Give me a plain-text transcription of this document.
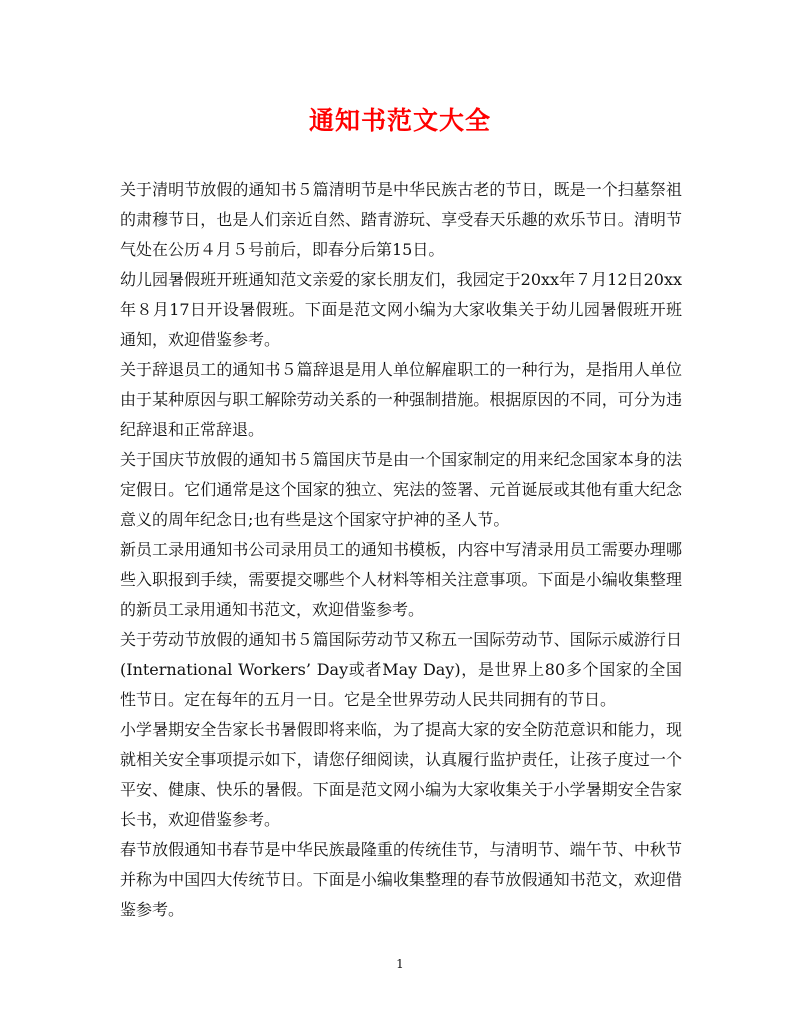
通知书范文大全

关于清明节放假的通知书５篇清明节是中华民族古老的节日，既是一个扫墓祭祖的肃穆节日，也是人们亲近自然、踏青游玩、享受春天乐趣的欢乐节日。清明节气处在公历４月５号前后，即春分后第15日。

幼儿园暑假班开班通知范文亲爱的家长朋友们，我园定于20xx年７月12日20xx年８月17日开设暑假班。下面是范文网小编为大家收集关于幼儿园暑假班开班通知，欢迎借鉴参考。

关于辞退员工的通知书５篇辞退是用人单位解雇职工的一种行为，是指用人单位由于某种原因与职工解除劳动关系的一种强制措施。根据原因的不同，可分为违纪辞退和正常辞退。

关于国庆节放假的通知书５篇国庆节是由一个国家制定的用来纪念国家本身的法定假日。它们通常是这个国家的独立、宪法的签署、元首诞辰或其他有重大纪念意义的周年纪念日;也有些是这个国家守护神的圣人节。

新员工录用通知书公司录用员工的通知书模板，内容中写清录用员工需要办理哪些入职报到手续，需要提交哪些个人材料等相关注意事项。下面是小编收集整理的新员工录用通知书范文，欢迎借鉴参考。

关于劳动节放假的通知书５篇国际劳动节又称五一国际劳动节、国际示威游行日(International Workers’ Day或者May Day)，是世界上80多个国家的全国性节日。定在每年的五月一日。它是全世界劳动人民共同拥有的节日。

小学暑期安全告家长书暑假即将来临，为了提高大家的安全防范意识和能力，现就相关安全事项提示如下，请您仔细阅读，认真履行监护责任，让孩子度过一个平安、健康、快乐的暑假。下面是范文网小编为大家收集关于小学暑期安全告家长书，欢迎借鉴参考。

春节放假通知书春节是中华民族最隆重的传统佳节，与清明节、端午节、中秋节并称为中国四大传统节日。下面是小编收集整理的春节放假通知书范文，欢迎借鉴参考。

1
